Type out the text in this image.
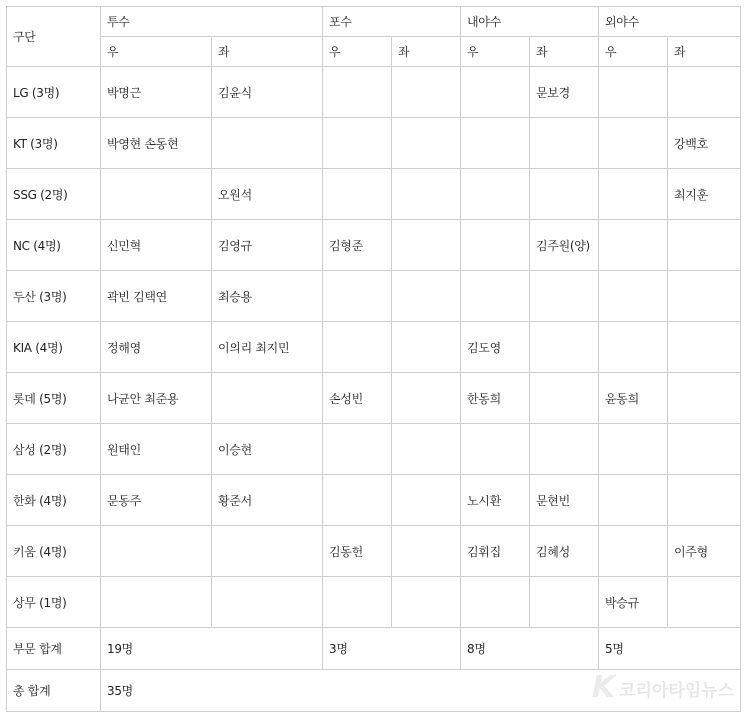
구단	투수		포수		내야수		외야수	
	우	좌	우	좌	우	좌	우	좌
LG (3명)	박명근	김윤식				문보경		
KT (3명)	박영현 손동현							강백호
SSG (2명)		오원석						최지훈
NC (4명)	신민혁	김영규	김형준			김주원(양)		
두산 (3명)	곽빈 김택연	최승용						
KIA (4명)	정해영	이의리 최지민			김도영			
롯데 (5명)	나균안 최준용		손성빈		한동희		윤동희	
삼성 (2명)	원태인	이승현						
한화 (4명)	문동주	황준서			노시환	문현빈		
키움 (4명)			김동헌		김휘집	김혜성		이주형
상무 (1명)							박승규	
부문 합계	19명		3명		8명		5명	
총 합계	35명								K 코리아타임뉴스
